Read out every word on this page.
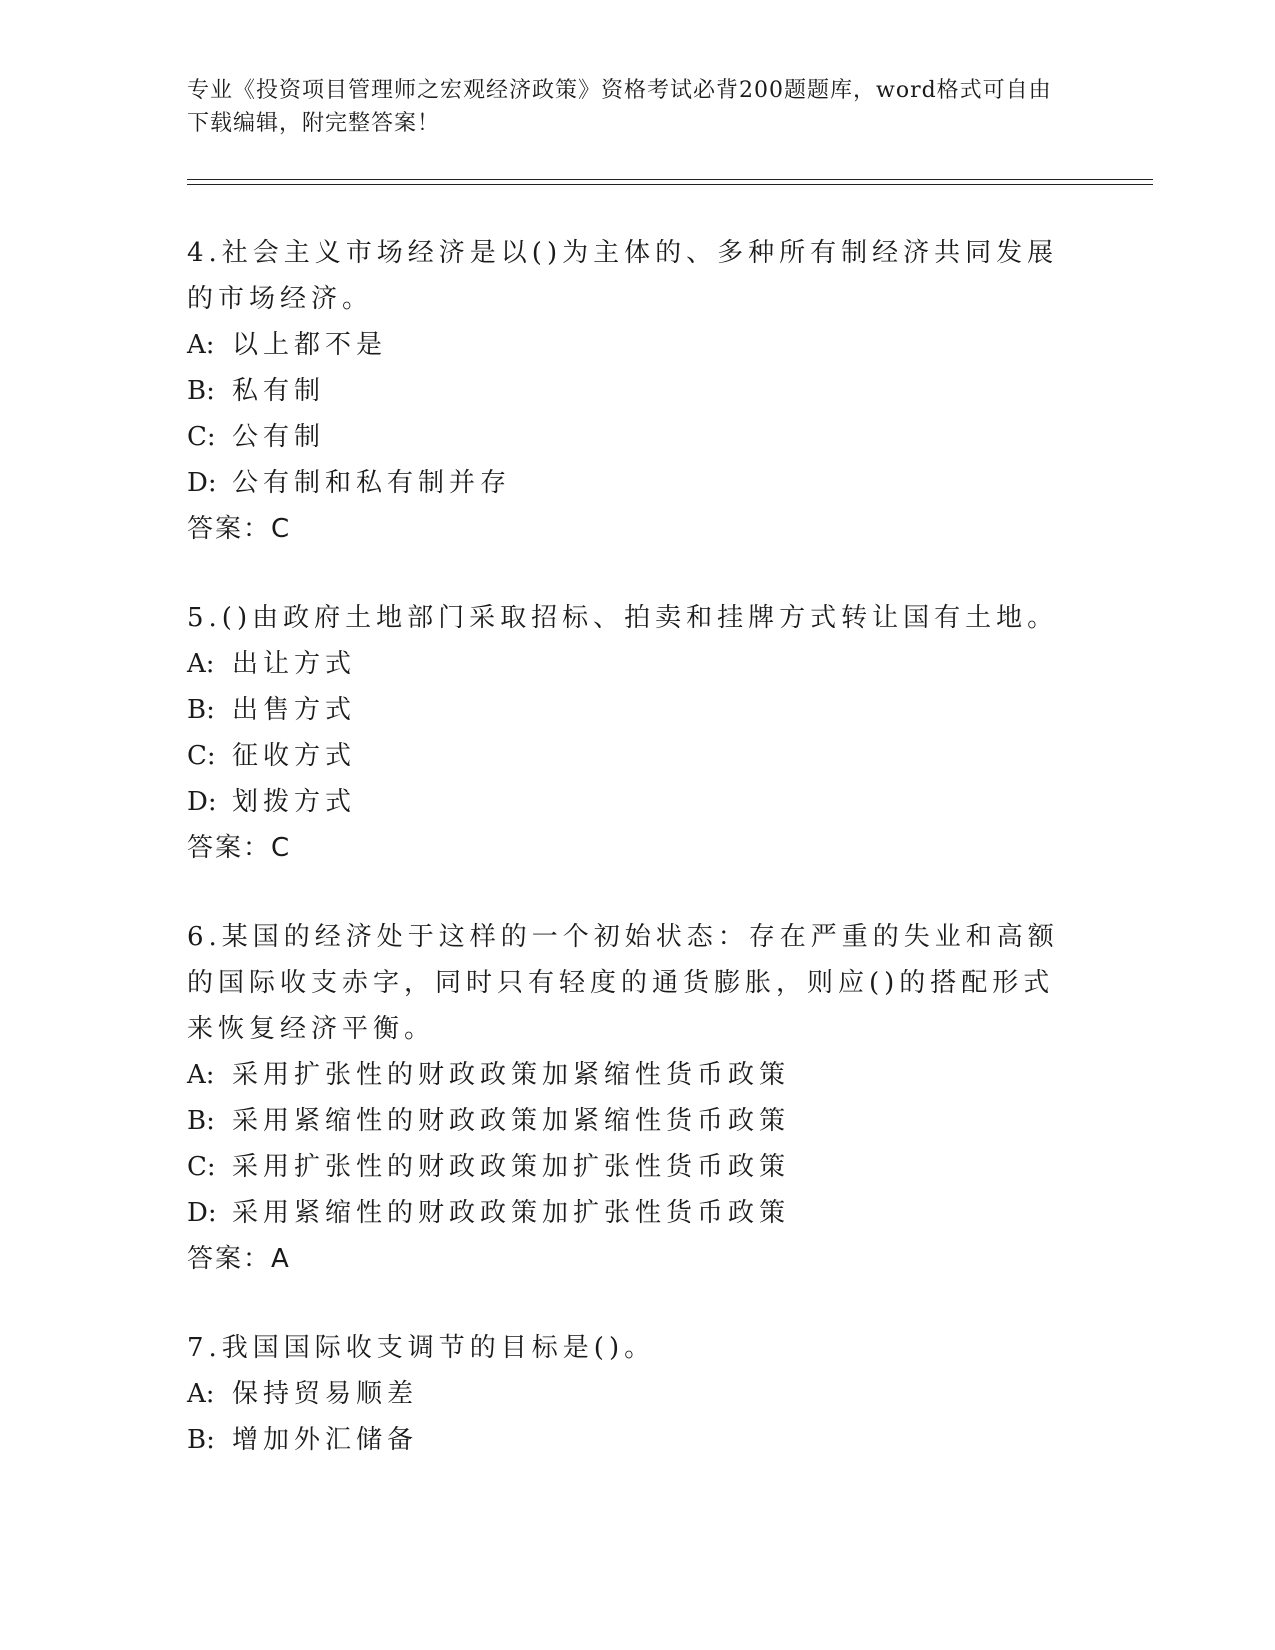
专业《投资项目管理师之宏观经济政策》资格考试必背200题题库，word格式可自由下载编辑，附完整答案！
4.社会主义市场经济是以()为主体的、多种所有制经济共同发展的市场经济。
A: 以上都不是
B: 私有制
C: 公有制
D: 公有制和私有制并存
答案：C
5.()由政府土地部门采取招标、拍卖和挂牌方式转让国有土地。
A: 出让方式
B: 出售方式
C: 征收方式
D: 划拨方式
答案：C
6.某国的经济处于这样的一个初始状态：存在严重的失业和高额的国际收支赤字，同时只有轻度的通货膨胀，则应()的搭配形式来恢复经济平衡。
A: 采用扩张性的财政政策加紧缩性货币政策
B: 采用紧缩性的财政政策加紧缩性货币政策
C: 采用扩张性的财政政策加扩张性货币政策
D: 采用紧缩性的财政政策加扩张性货币政策
答案：A
7.我国国际收支调节的目标是()。
A: 保持贸易顺差
B: 增加外汇储备
